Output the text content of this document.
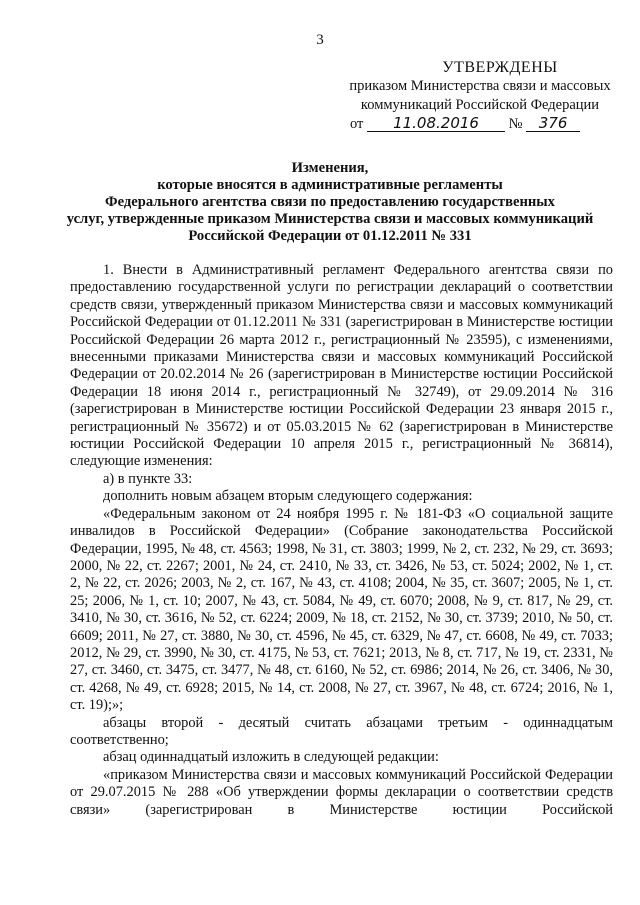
3
УТВЕРЖДЕНЫ
приказом Министерства связи и массовых
коммуникаций Российской Федерации
от 11.08.2016 № 376
Изменения,
которые вносятся в административные регламенты
Федерального агентства связи по предоставлению государственных
услуг, утвержденные приказом Министерства связи и массовых коммуникаций
Российской Федерации от 01.12.2011 № 331

1. Внести в Административный регламент Федерального агентства связи по предоставлению государственной услуги по регистрации деклараций о соответствии средств связи, утвержденный приказом Министерства связи и массовых коммуникаций Российской Федерации от 01.12.2011 № 331 (зарегистрирован в Министерстве юстиции Российской Федерации 26 марта 2012 г., регистрационный № 23595), с изменениями, внесенными приказами Министерства связи и массовых коммуникаций Российской Федерации от 20.02.2014 № 26 (зарегистрирован в Министерстве юстиции Российской Федерации 18 июня 2014 г., регистрационный № 32749), от 29.09.2014 № 316 (зарегистрирован в Министерстве юстиции Российской Федерации 23 января 2015 г., регистрационный № 35672) и от 05.03.2015 № 62 (зарегистрирован в Министерстве юстиции Российской Федерации 10 апреля 2015 г., регистрационный № 36814), следующие изменения:

а) в пункте 33:

дополнить новым абзацем вторым следующего содержания:

«Федеральным законом от 24 ноября 1995 г. № 181-ФЗ «О социальной защите инвалидов в Российской Федерации» (Собрание законодательства Российской Федерации, 1995, № 48, ст. 4563; 1998, № 31, ст. 3803; 1999, № 2, ст. 232, № 29, ст. 3693; 2000, № 22, ст. 2267; 2001, № 24, ст. 2410, № 33, ст. 3426, № 53, ст. 5024; 2002, № 1, ст. 2, № 22, ст. 2026; 2003, № 2, ст. 167, № 43, ст. 4108; 2004, № 35, ст. 3607; 2005, № 1, ст. 25; 2006, № 1, ст. 10; 2007, № 43, ст. 5084, № 49, ст. 6070; 2008, № 9, ст. 817, № 29, ст. 3410, № 30, ст. 3616, № 52, ст. 6224; 2009, № 18, ст. 2152, № 30, ст. 3739; 2010, № 50, ст. 6609; 2011, № 27, ст. 3880, № 30, ст. 4596, № 45, ст. 6329, № 47, ст. 6608, № 49, ст. 7033; 2012, № 29, ст. 3990, № 30, ст. 4175, № 53, ст. 7621; 2013, № 8, ст. 717, № 19, ст. 2331, № 27, ст. 3460, ст. 3475, ст. 3477, № 48, ст. 6160, № 52, ст. 6986; 2014, № 26, ст. 3406, № 30, ст. 4268, № 49, ст. 6928; 2015, № 14, ст. 2008, № 27, ст. 3967, № 48, ст. 6724; 2016, № 1, ст. 19);»;

абзацы второй - десятый считать абзацами третьим - одиннадцатым соответственно;

абзац одиннадцатый изложить в следующей редакции:

«приказом Министерства связи и массовых коммуникаций Российской Федерации от 29.07.2015 № 288 «Об утверждении формы декларации о соответствии средств связи» (зарегистрирован в Министерстве юстиции Российской
